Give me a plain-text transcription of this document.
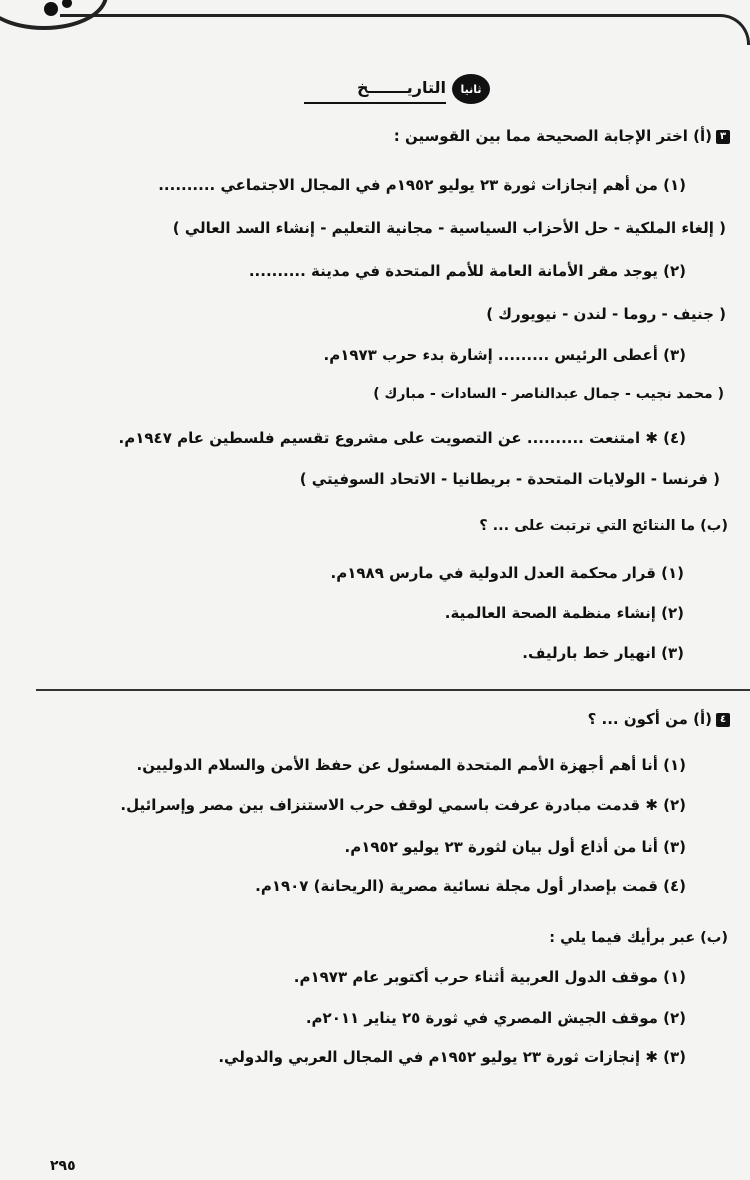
ثانيا
التاريـــــــخ
٣(أ) اختر الإجابة الصحيحة مما بين القوسين :
(١) من أهم إنجازات ثورة ٢٣ يوليو ١٩٥٢م في المجال الاجتماعي ..........
( إلغاء الملكية - حل الأحزاب السياسية - مجانية التعليم - إنشاء السد العالي )
(٢) يوجد مقر الأمانة العامة للأمم المتحدة في مدينة ..........
( جنيف - روما - لندن - نيويورك )
(٣) أعطى الرئيس ......... إشارة بدء حرب ١٩٧٣م.
( محمد نجيب - جمال عبدالناصر - السادات - مبارك )
(٤) ✱ امتنعت .......... عن التصويت على مشروع تقسيم فلسطين عام ١٩٤٧م.
( فرنسا - الولايات المتحدة - بريطانيا - الاتحاد السوفيتي )
(ب) ما النتائج التي ترتبت على ... ؟
(١) قرار محكمة العدل الدولية في مارس ١٩٨٩م.
(٢) إنشاء منظمة الصحة العالمية.
(٣) انهيار خط بارليف.
٤(أ) من أكون ... ؟
(١) أنا أهم أجهزة الأمم المتحدة المسئول عن حفظ الأمن والسلام الدوليين.
(٢) ✱ قدمت مبادرة عرفت باسمي لوقف حرب الاستنزاف بين مصر وإسرائيل.
(٣) أنا من أذاع أول بيان لثورة ٢٣ يوليو ١٩٥٢م.
(٤) قمت بإصدار أول مجلة نسائية مصرية (الريحانة) ١٩٠٧م.
(ب) عبر برأيك فيما يلي :
(١) موقف الدول العربية أثناء حرب أكتوبر عام ١٩٧٣م.
(٢) موقف الجيش المصري في ثورة ٢٥ يناير ٢٠١١م.
(٣) ✱ إنجازات ثورة ٢٣ يوليو ١٩٥٢م في المجال العربي والدولي.
٢٩٥
